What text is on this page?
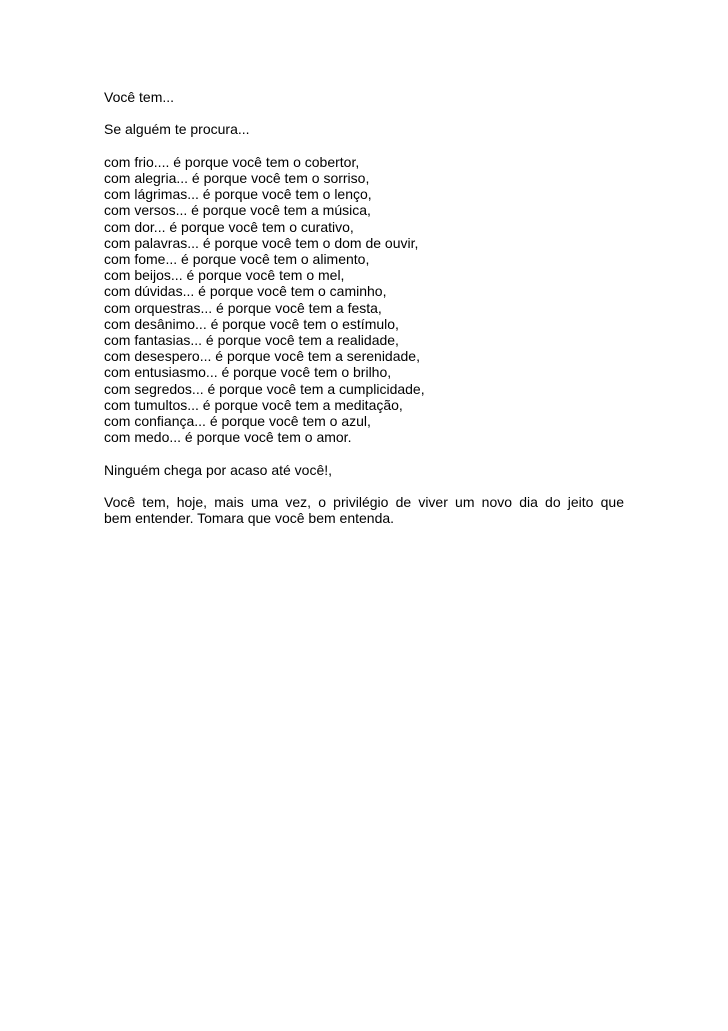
Você tem...

Se alguém te procura...

com frio.... é porque você tem o cobertor,
com alegria... é porque você tem o sorriso,
com lágrimas... é porque você tem o lenço,
com versos... é porque você tem a música,
com dor... é porque você tem o curativo,
com palavras... é porque você tem o dom de ouvir,
com fome... é porque você tem o alimento,
com beijos... é porque você tem o mel,
com dúvidas... é porque você tem o caminho,
com orquestras... é porque você tem a festa,
com desânimo... é porque você tem o estímulo,
com fantasias... é porque você tem a realidade,
com desespero... é porque você tem a serenidade,
com entusiasmo... é porque você tem o brilho,
com segredos... é porque você tem a cumplicidade,
com tumultos... é porque você tem a meditação,
com confiança... é porque você tem o azul,
com medo... é porque você tem o amor.

Ninguém chega por acaso até você!,

Você tem, hoje, mais uma vez, o privilégio de viver um novo dia do jeito que
bem entender. Tomara que você bem entenda.
